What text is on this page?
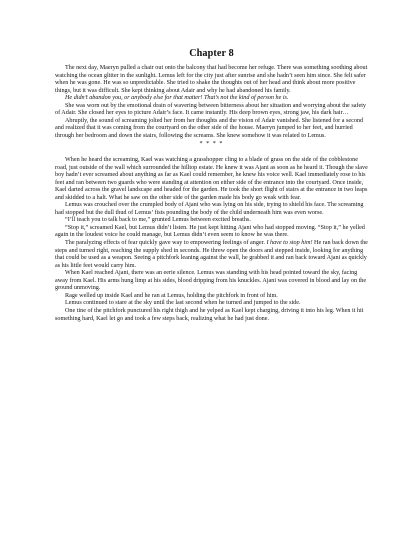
Chapter 8

The next day, Maeryn pulled a chair out onto the balcony that had become her refuge. There was something soothing about watching the ocean glitter in the sunlight. Lemus left for the city just after sunrise and she hadn’t seen him since. She felt safer when he was gone. He was so unpredictable. She tried to shake the thoughts out of her head and think about more positive things, but it was difficult. She kept thinking about Adair and why he had abandoned his family.

He didn’t abandon you, or anybody else for that matter! That’s not the kind of person he is.

She was worn out by the emotional drain of wavering between bitterness about her situation and worrying about the safety of Adair. She closed her eyes to picture Adair’s face. It came instantly. His deep brown eyes, strong jaw, his dark hair…

Abruptly, the sound of screaming jolted her from her thoughts and the vision of Adair vanished. She listened for a second and realized that it was coming from the courtyard on the other side of the house. Maeryn jumped to her feet, and hurried through her bedroom and down the stairs, following the screams. She knew somehow it was related to Lemus.

* * * *

When he heard the screaming, Kael was watching a grasshopper cling to a blade of grass on the side of the cobblestone road, just outside of the wall which surrounded the hilltop estate. He knew it was Ajani as soon as he heard it. Though the slave boy hadn’t ever screamed about anything as far as Kael could remember, he knew his voice well. Kael immediately rose to his feet and ran between two guards who were standing at attention on either side of the entrance into the courtyard. Once inside, Kael darted across the gravel landscape and headed for the garden. He took the short flight of stairs at the entrance in two leaps and skidded to a halt. What he saw on the other side of the garden made his body go weak with fear.

Lemus was crouched over the crumpled body of Ajani who was lying on his side, trying to shield his face. The screaming had stopped but the dull thud of Lemus’ fists pounding the body of the child underneath him was even worse.

“I’ll teach you to talk back to me,” grunted Lemus between excited breaths.

“Stop it,” screamed Kael, but Lemus didn’t listen. He just kept hitting Ajani who had stopped moving. “Stop it,” he yelled again in the loudest voice he could manage, but Lemus didn’t even seem to know he was there.

The paralyzing effects of fear quickly gave way to empowering feelings of anger. I have to stop him! He ran back down the steps and turned right, reaching the supply shed in seconds. He threw open the doors and stepped inside, looking for anything that could be used as a weapon. Seeing a pitchfork leaning against the wall, he grabbed it and ran back toward Ajani as quickly as his little feet would carry him.

When Kael reached Ajani, there was an eerie silence. Lemus was standing with his head pointed toward the sky, facing away from Kael. His arms hung limp at his sides, blood dripping from his knuckles. Ajani was covered in blood and lay on the ground unmoving.

Rage welled up inside Kael and he ran at Lemus, holding the pitchfork in front of him.

Lemus continued to stare at the sky until the last second when he turned and jumped to the side.

One tine of the pitchfork punctured his right thigh and he yelped as Kael kept charging, driving it into his leg. When it hit something hard, Kael let go and took a few steps back, realizing what he had just done.
